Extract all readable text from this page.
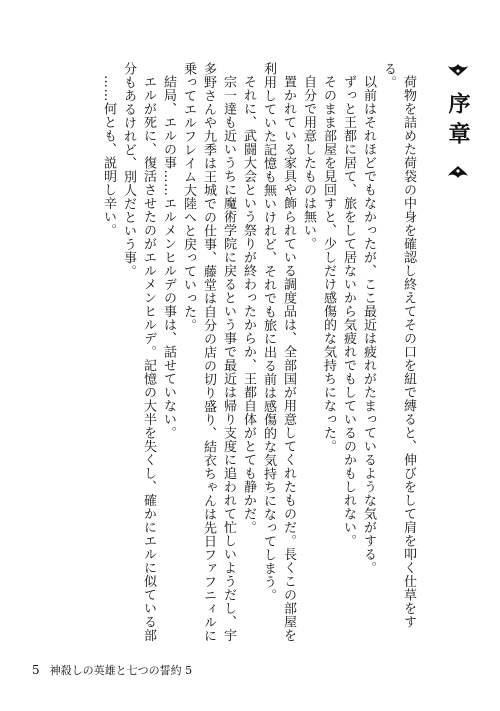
序章

荷物を詰めた荷袋の中身を確認し終えてその口を紐で縛ると、伸びをして肩を叩く仕草をする。

以前はそれほどでもなかったが、ここ最近は疲れがたまっているような気がする。

ずっと王都に居て、旅をして居ないから気疲れでもしているのかもしれない。

そのまま部屋を見回すと、少しだけ感傷的な気持ちになった。

自分で用意したものは無い。

置かれている家具や飾られている調度品は、全部国が用意してくれたものだ。長くこの部屋を利用していた記憶も無いけれど、それでも旅に出る前は感傷的な気持ちになってしまう。

それに、武闘大会という祭りが終わったからか、王都自体がとても静かだ。

宗一達も近いうちに魔術学院に戻るという事で最近は帰り支度に追われて忙しいようだし、宇多野さんや九季は王城での仕事、藤堂は自分の店の切り盛り、結衣ちゃんは先日ファフニィルに乗ってエルフレイム大陸へと戻っていった。

結局、エルの事……エルメンヒルデの事は、話せていない。

エルが死に、復活させたのがエルメンヒルデ。記憶の大半を失くし、確かにエルに似ている部分もあるけれど、別人だという事。

……何とも、説明し辛い。

5 神殺しの英雄と七つの誓約 5
